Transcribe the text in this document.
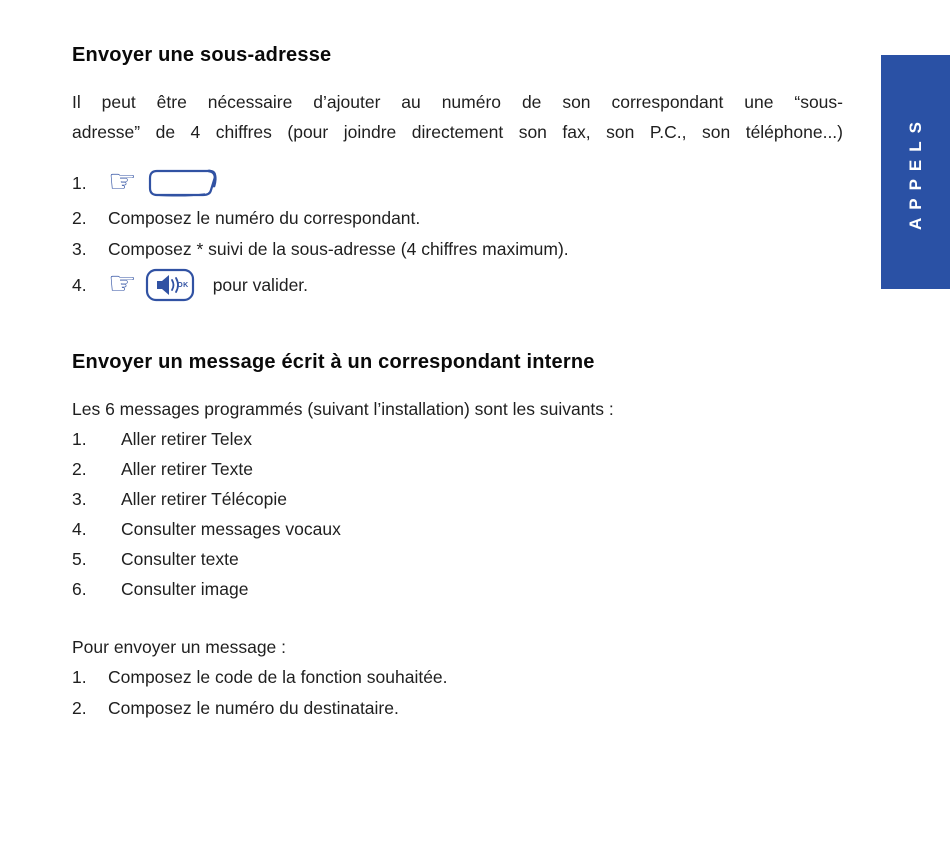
Envoyer une sous-adresse
Il peut être nécessaire d’ajouter au numéro de son correspondant une “sous-
adresse” de 4 chiffres (pour joindre directement son fax, son P.C., son téléphone...)
1. ☞
2.	Composez le numéro du correspondant.
3.	Composez * suivi de la sous-adresse (4 chiffres maximum).
4. ☞	OK pour valider.
Envoyer un message écrit à un correspondant interne
Les 6 messages programmés (suivant l’installation) sont les suivants :
1.	Aller retirer Telex
2.	Aller retirer Texte
3.	Aller retirer Télécopie
4.	Consulter messages vocaux
5.	Consulter texte
6.	Consulter image
Pour envoyer un message :
1.	Composez le code de la fonction souhaitée.
2.	Composez le numéro du destinataire.
APPELS
